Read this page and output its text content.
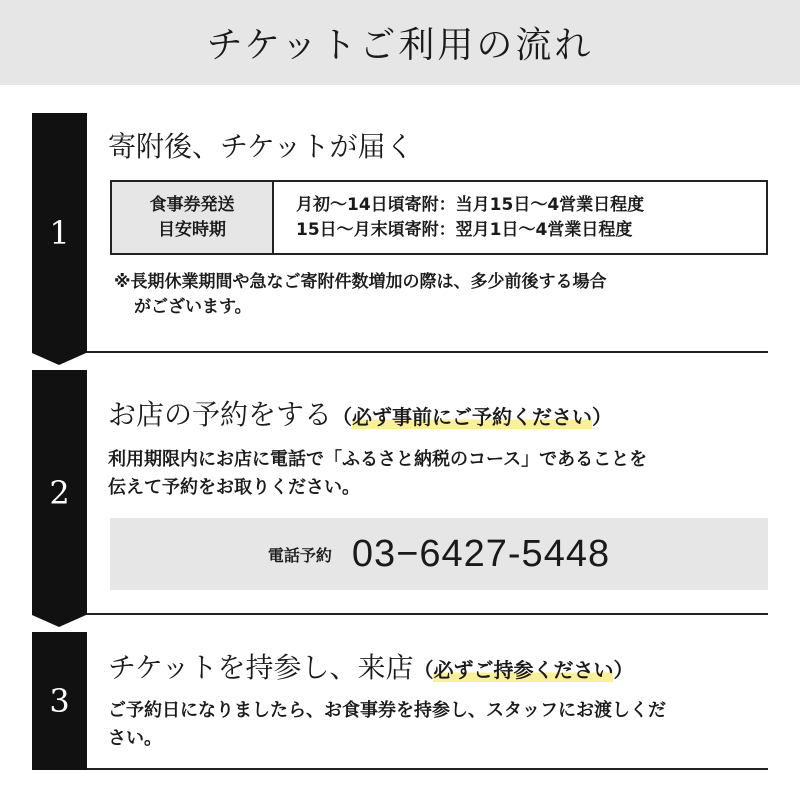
チケットご利用の流れ
1
寄附後、チケットが届く
食事券発送
目安時期
月初～14日頃寄附：当月15日～4営業日程度
15日～月末頃寄附：翌月1日～4営業日程度
※長期休業期間や急なご寄附件数増加の際は、多少前後する場合
がございます。
2
お店の予約をする（必ず事前にご予約ください）
利用期限内にお店に電話で「ふるさと納税のコース」であることを
伝えて予約をお取りください。
電話予約 03−6427-5448
3
チケットを持参し、来店（必ずご持参ください）
ご予約日になりましたら、お食事券を持参し、スタッフにお渡しくだ
さい。
